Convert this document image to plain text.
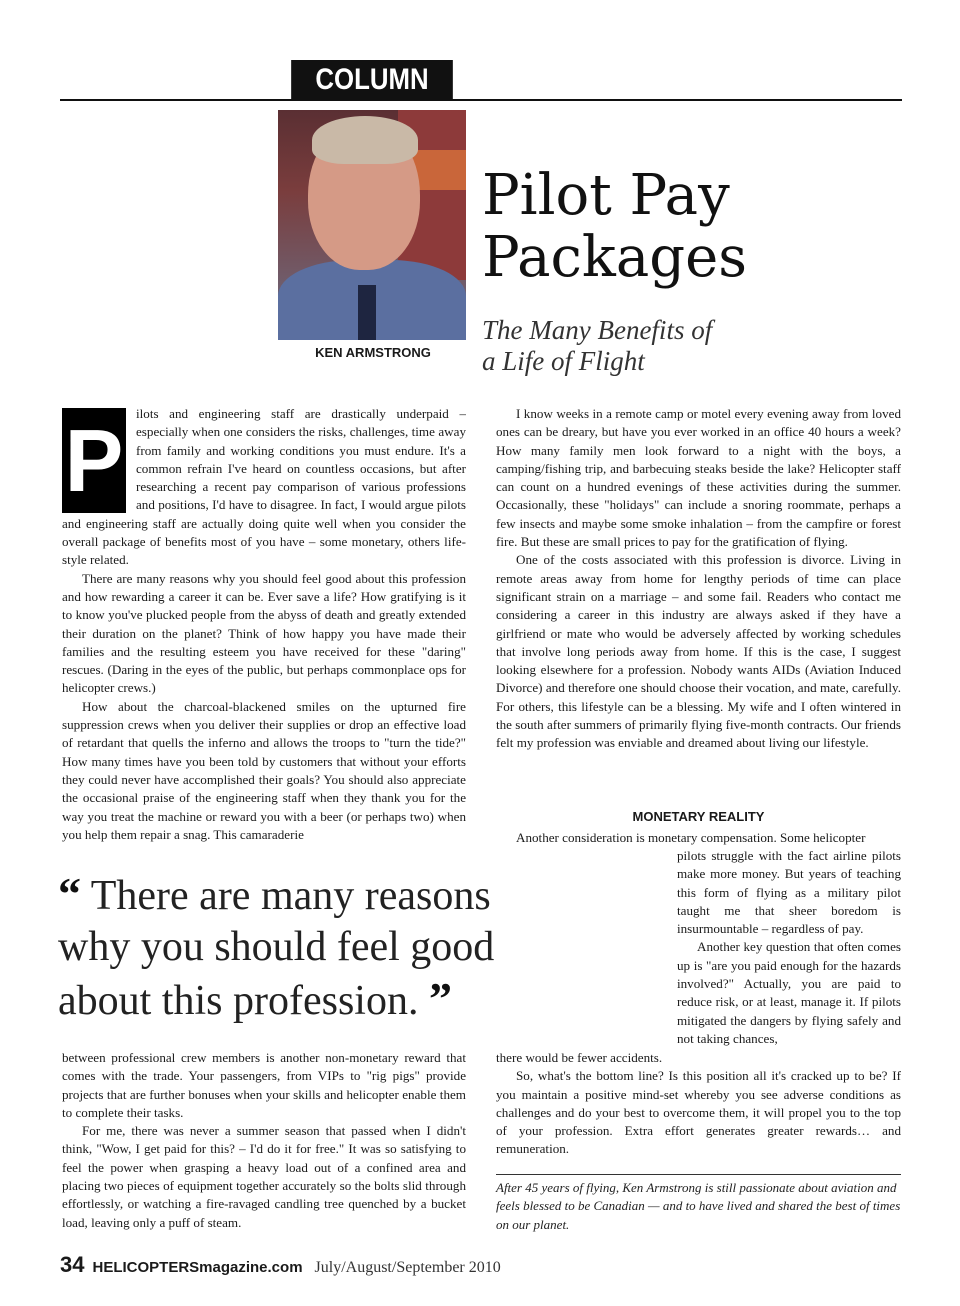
COLUMN
KEN ARMSTRONG
Pilot Pay
Packages
The Many Benefits of
a Life of Flight
P ilots and engineering staff are drastically underpaid – especially when one considers the risks, challenges, time away from family and working conditions you must endure. It's a common refrain I've heard on countless occasions, but after researching a recent pay comparison of various professions and positions, I'd have to disagree. In fact, I would argue pilots and engineering staff are actually doing quite well when you consider the overall package of benefits most of you have – some monetary, others life-style related.

There are many reasons why you should feel good about this profession and how rewarding a career it can be. Ever save a life? How gratifying is it to know you've plucked people from the abyss of death and greatly extended their duration on the planet? Think of how happy you have made their families and the resulting esteem you have received for these "daring" rescues. (Daring in the eyes of the public, but perhaps commonplace ops for helicopter crews.)

How about the charcoal-blackened smiles on the upturned fire suppression crews when you deliver their supplies or drop an effective load of retardant that quells the inferno and allows the troops to "turn the tide?" How many times have you been told by customers that without your efforts they could never have accomplished their goals? You should also appreciate the occasional praise of the engineering staff when they thank you for the way you treat the machine or reward you with a beer (or perhaps two) when you help them repair a snag. This camaraderie

“ There are many reasons why you should feel good about this profession. ”

between professional crew members is another non-monetary reward that comes with the trade. Your passengers, from VIPs to "rig pigs" provide projects that are further bonuses when your skills and helicopter enable them to complete their tasks.

For me, there was never a summer season that passed when I didn't think, "Wow, I get paid for this? – I'd do it for free." It was so satisfying to feel the power when grasping a heavy load out of a confined area and placing two pieces of equipment together accurately so the bolts slid through effortlessly, or watching a fire-ravaged candling tree quenched by a bucket load, leaving only a puff of steam.

I know weeks in a remote camp or motel every evening away from loved ones can be dreary, but have you ever worked in an office 40 hours a week? How many family men look forward to a night with the boys, a camping/fishing trip, and barbecuing steaks beside the lake? Helicopter staff can count on a hundred evenings of these activities during the summer. Occasionally, these "holidays" can include a snoring roommate, perhaps a few insects and maybe some smoke inhalation – from the campfire or forest fire. But these are small prices to pay for the gratification of flying.

One of the costs associated with this profession is divorce. Living in remote areas away from home for lengthy periods of time can place significant strain on a marriage – and some fail. Readers who contact me considering a career in this industry are always asked if they have a girlfriend or mate who would be adversely affected by working schedules that involve long periods away from home. If this is the case, I suggest looking elsewhere for a profession. Nobody wants AIDs (Aviation Induced Divorce) and therefore one should choose their vocation, and mate, carefully. For others, this lifestyle can be a blessing. My wife and I often wintered in the south after summers of primarily flying five-month contracts. Our friends felt my profession was enviable and dreamed about living our lifestyle.

MONETARY REALITY

Another consideration is monetary compensation. Some helicopter

pilots struggle with the fact airline pilots make more money. But years of teaching this form of flying as a military pilot taught me that sheer boredom is insurmountable – regardless of pay.

Another key question that often comes up is "are you paid enough for the hazards involved?" Actually, you are paid to reduce risk, or at least, manage it. If pilots mitigated the dangers by flying safely and not taking chances,

there would be fewer accidents.

So, what's the bottom line? Is this position all it's cracked up to be? If you maintain a positive mind-set whereby you see adverse conditions as challenges and do your best to overcome them, it will propel you to the top of your profession. Extra effort generates greater rewards… and remuneration.

After 45 years of flying, Ken Armstrong is still passionate about aviation and feels blessed to be Canadian — and to have lived and shared the best of times on our planet.
34 HELICOPTERSmagazine.com July/August/September 2010
